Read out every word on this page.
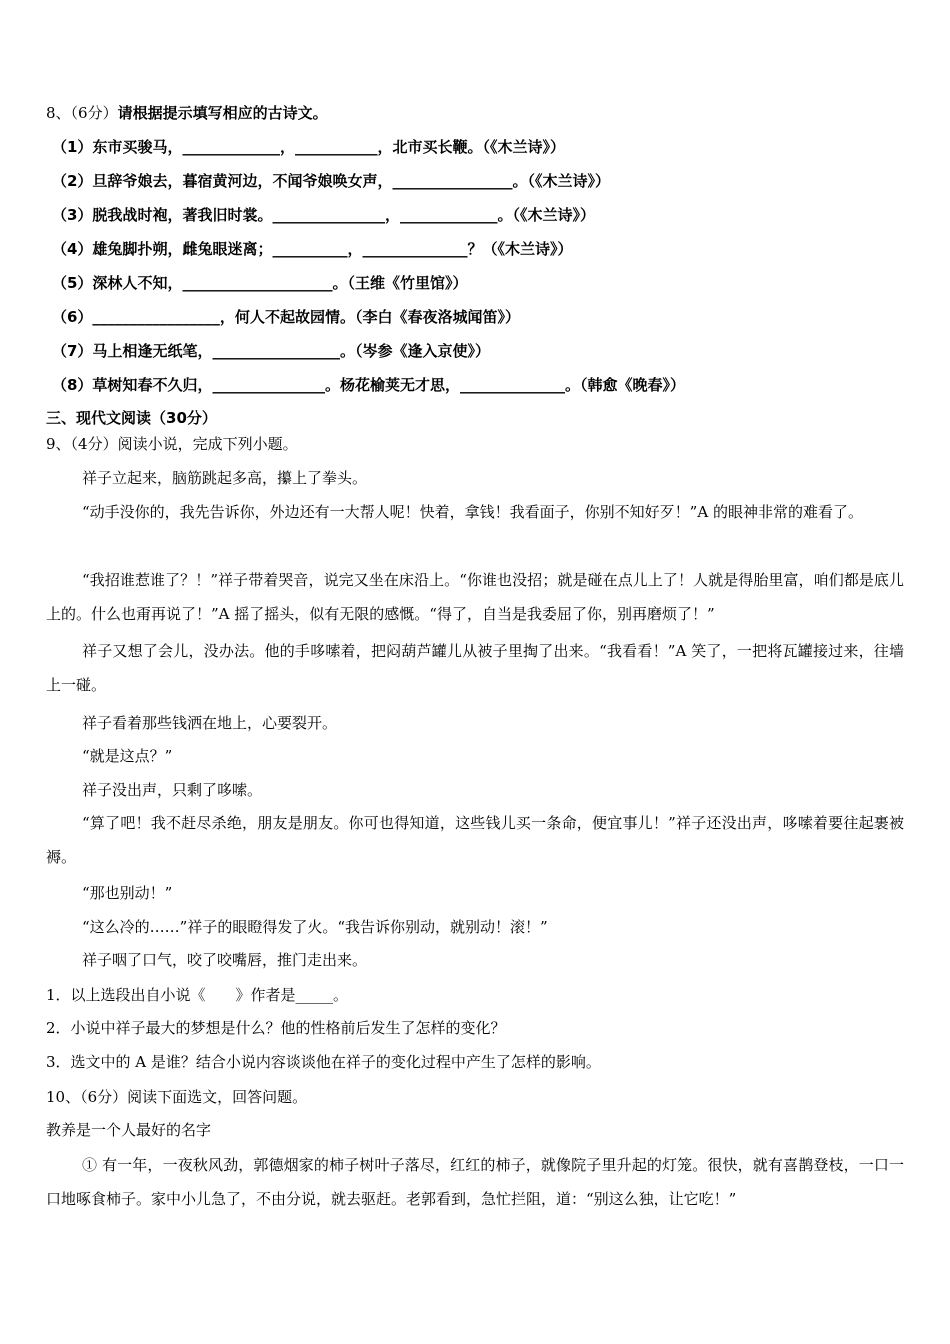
8、（6分）请根据提示填写相应的古诗文。
（1）东市买骏马，_____________，___________，北市买长鞭。（《木兰诗》）
（2）旦辞爷娘去，暮宿黄河边，不闻爷娘唤女声，________________。（《木兰诗》）
（3）脱我战时袍，著我旧时裳。_______________，_____________。（《木兰诗》）
（4）雄兔脚扑朔，雌兔眼迷离；__________，______________？（《木兰诗》）
（5）深林人不知，____________________。（王维《竹里馆》）
（6）_________________，何人不起故园情。（李白《春夜洛城闻笛》）
（7）马上相逢无纸笔，_________________。（岑参《逢入京使》）
（8）草树知春不久归，_______________。杨花榆荚无才思，______________。（韩愈《晚春》）
三、现代文阅读（30分）
9、（4分）阅读小说，完成下列小题。
祥子立起来，脑筋跳起多高，攥上了拳头。
“动手没你的，我先告诉你，外边还有一大帮人呢！快着，拿钱！我看面子，你别不知好歹！”A 的眼神非常的难看了。
“我招谁惹谁了？！”祥子带着哭音，说完又坐在床沿上。“你谁也没招；就是碰在点儿上了！人就是得胎里富，咱们都是底儿上的。什么也甭再说了！”A 摇了摇头，似有无限的感慨。“得了，自当是我委屈了你，别再磨烦了！”
祥子又想了会儿，没办法。他的手哆嗦着，把闷葫芦罐儿从被子里掏了出来。“我看看！”A 笑了，一把将瓦罐接过来，往墙上一碰。
祥子看着那些钱洒在地上，心要裂开。
“就是这点？”
祥子没出声，只剩了哆嗦。
“算了吧！我不赶尽杀绝，朋友是朋友。你可也得知道，这些钱儿买一条命，便宜事儿！”祥子还没出声，哆嗦着要往起裹被褥。
“那也别动！”
“这么冷的……”祥子的眼瞪得发了火。“我告诉你别动，就别动！滚！”
祥子咽了口气，咬了咬嘴唇，推门走出来。
1．以上选段出自小说《　　》作者是_____。
2．小说中祥子最大的梦想是什么？他的性格前后发生了怎样的变化？
3．选文中的 A 是谁？结合小说内容谈谈他在祥子的变化过程中产生了怎样的影响。
10、（6分）阅读下面选文，回答问题。
教养是一个人最好的名字
① 有一年，一夜秋风劲，郭德烟家的柿子树叶子落尽，红红的柿子，就像院子里升起的灯笼。很快，就有喜鹊登枝，一口一口地啄食柿子。家中小儿急了，不由分说，就去驱赶。老郭看到，急忙拦阻，道：“别这么独，让它吃！”
